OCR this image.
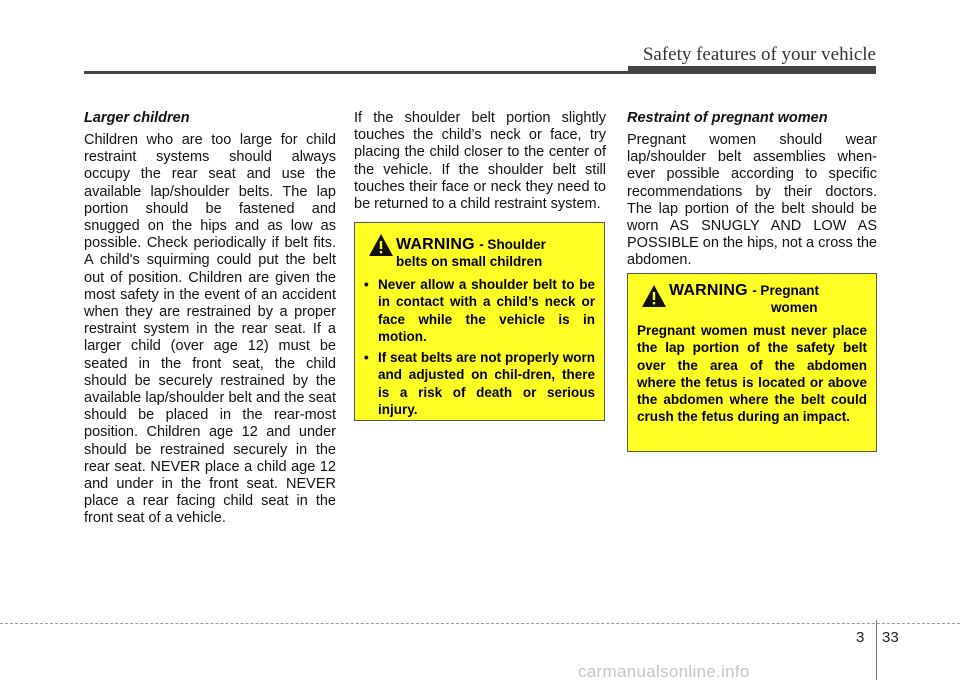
Safety features of your vehicle
Larger children

Children who are too large for child restraint systems should always occupy the rear seat and use the available lap/shoulder belts. The lap portion should be fastened and snugged on the hips and as low as possible. Check periodically if belt fits. A child's squirming could put the belt out of position. Children are given the most safety in the event of an accident when they are restrained by a proper restraint system in the rear seat. If a larger child (over age 12) must be seated in the front seat, the child should be securely restrained by the available lap/shoulder belt and the seat should be placed in the rear-most position. Children age 12 and under should be restrained securely in the rear seat. NEVER place a child age 12 and under in the front seat. NEVER place a rear facing child seat in the front seat of a vehicle.

If the shoulder belt portion slightly touches the child’s neck or face, try placing the child closer to the center of the vehicle. If the shoulder belt still touches their face or neck they need to be returned to a child restraint system.

WARNING - Shoulder
belts on small children
• Never allow a shoulder belt to be in contact with a child’s neck or face while the vehicle is in motion.
• If seat belts are not properly worn and adjusted on chil-dren, there is a risk of death or serious injury.
Restraint of pregnant women

Pregnant women should wear lap/shoulder belt assemblies when-ever possible according to specific recommendations by their doctors. The lap portion of the belt should be worn AS SNUGLY AND LOW AS POSSIBLE on the hips, not a cross the abdomen.

WARNING - Pregnant
women

Pregnant women must never place the lap portion of the safety belt over the area of the abdomen where the fetus is located or above the abdomen where the belt could crush the fetus during an impact.

3 33
carmanualsonline.info
